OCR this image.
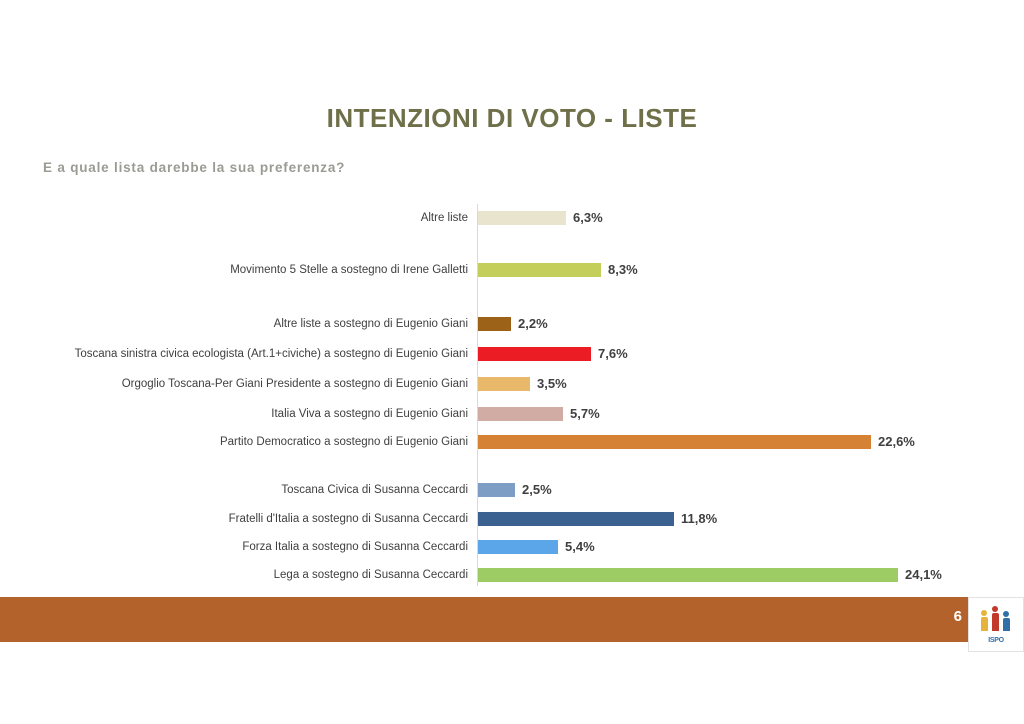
INTENZIONI DI VOTO - LISTE
E a quale lista darebbe la sua preferenza?
Altre liste	6,3%
Movimento 5 Stelle a sostegno di Irene Galletti	8,3%
Altre liste a sostegno di Eugenio Giani	2,2%
Toscana sinistra civica ecologista (Art.1+civiche) a sostegno di Eugenio Giani	7,6%
Orgoglio Toscana-Per Giani Presidente a sostegno di Eugenio Giani	3,5%
Italia Viva a sostegno di Eugenio Giani	5,7%
Partito Democratico a sostegno di Eugenio Giani	22,6%
Toscana Civica di Susanna Ceccardi	2,5%
Fratelli d'Italia a sostegno di Susanna Ceccardi	11,8%
Forza Italia a sostegno di Susanna Ceccardi	5,4%
Lega a sostegno di Susanna Ceccardi	24,1%
6
ISPO
